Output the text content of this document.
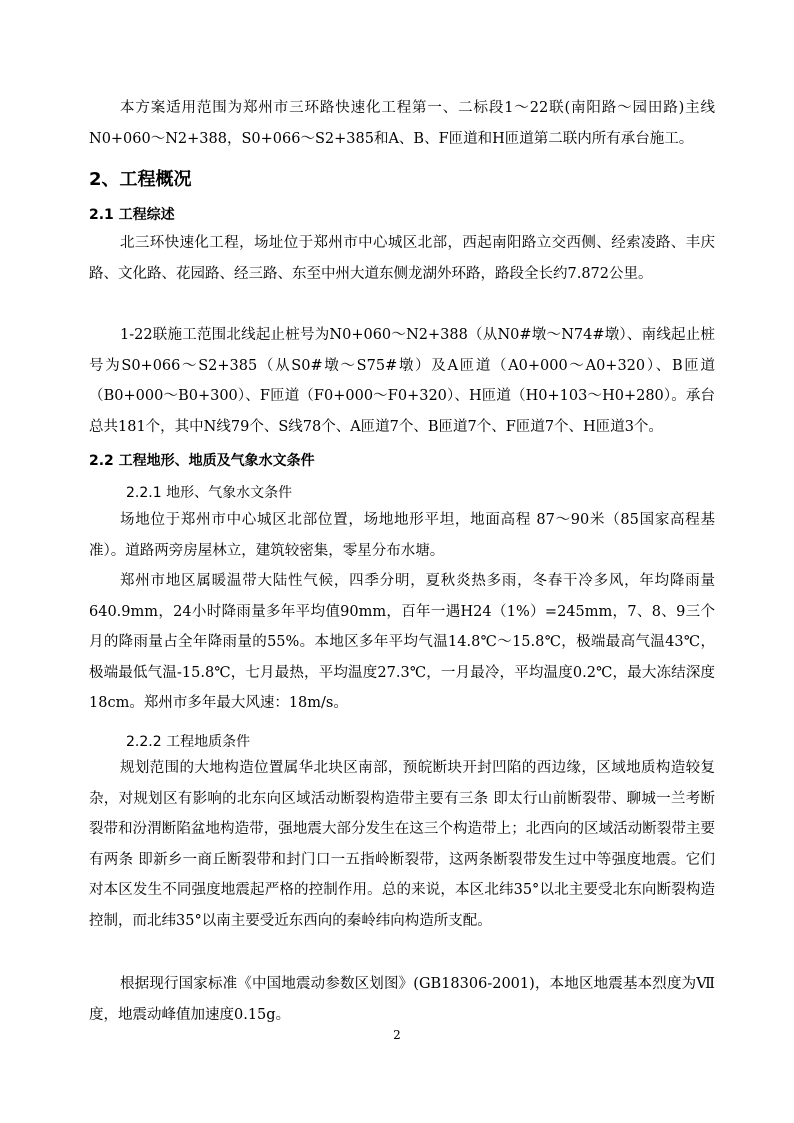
本方案适用范围为郑州市三环路快速化工程第一、二标段1～22联(南阳路～园田路)主线N0+060～N2+388，S0+066～S2+385和A、B、F匝道和H匝道第二联内所有承台施工。

2、工程概况
2.1 工程综述

北三环快速化工程，场址位于郑州市中心城区北部，西起南阳路立交西侧、经索凌路、丰庆路、文化路、花园路、经三路、东至中州大道东侧龙湖外环路，路段全长约7.872公里。

1-22联施工范围北线起止桩号为N0+060～N2+388（从N0#墩～N74#墩）、南线起止桩号为S0+066～S2+385（从S0#墩～S75#墩）及A匝道（A0+000～A0+320）、B匝道（B0+000～B0+300）、F匝道（F0+000～F0+320）、H匝道（H0+103～H0+280）。承台总共181个，其中N线79个、S线78个、A匝道7个、B匝道7个、F匝道7个、H匝道3个。

2.2 工程地形、地质及气象水文条件
2.2.1 地形、气象水文条件

场地位于郑州市中心城区北部位置，场地地形平坦，地面高程 87～90米（85国家高程基准）。道路两旁房屋林立，建筑较密集，零星分布水塘。

郑州市地区属暖温带大陆性气候，四季分明，夏秋炎热多雨，冬春干冷多风，年均降雨量640.9mm，24小时降雨量多年平均值90mm，百年一遇H24（1%）=245mm，7、8、9三个月的降雨量占全年降雨量的55%。本地区多年平均气温14.8℃～15.8℃，极端最高气温43℃，极端最低气温-15.8℃，七月最热，平均温度27.3℃，一月最冷，平均温度0.2℃，最大冻结深度18cm。郑州市多年最大风速：18m/s。

2.2.2 工程地质条件

规划范围的大地构造位置属华北块区南部，预皖断块开封凹陷的西边缘，区域地质构造较复杂，对规划区有影响的北东向区域活动断裂构造带主要有三条 即太行山前断裂带、聊城一兰考断裂带和汾渭断陷盆地构造带，强地震大部分发生在这三个构造带上；北西向的区域活动断裂带主要有两条 即新乡一商丘断裂带和封门口一五指岭断裂带，这两条断裂带发生过中等强度地震。它们对本区发生不同强度地震起严格的控制作用。总的来说，本区北纬35°以北主要受北东向断裂构造控制，而北纬35°以南主要受近东西向的秦岭纬向构造所支配。

根据现行国家标准《中国地震动参数区划图》(GB18306-2001)，本地区地震基本烈度为Ⅶ度，地震动峰值加速度0.15g。

2
